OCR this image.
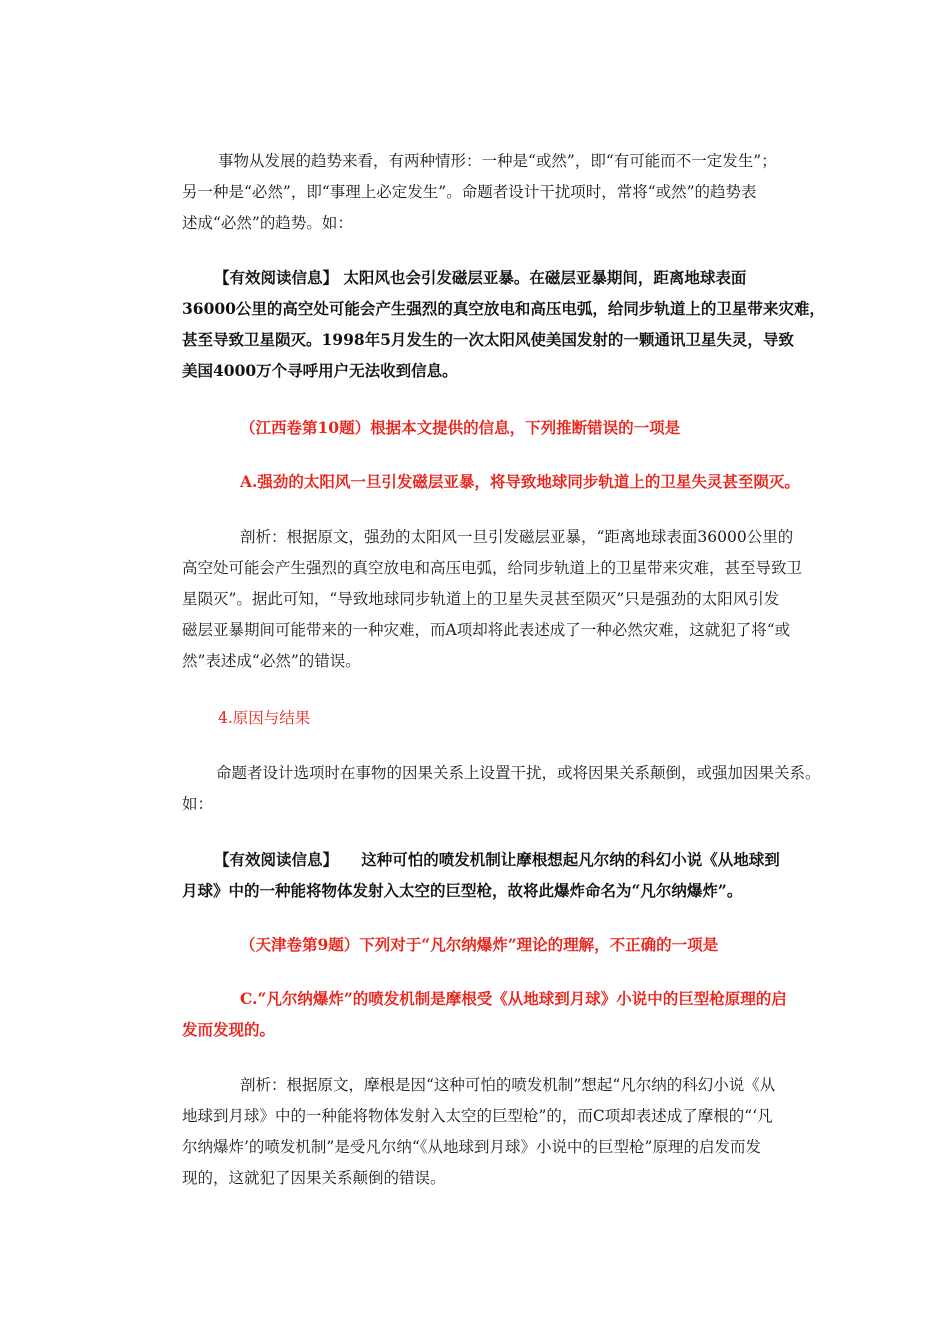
事物从发展的趋势来看，有两种情形：一种是“或然”，即“有可能而不一定发生”；
另一种是“必然”，即“事理上必定发生”。命题者设计干扰项时，常将“或然”的趋势表
述成“必然”的趋势。如：
【有效阅读信息】 太阳风也会引发磁层亚暴。在磁层亚暴期间，距离地球表面
36000公里的高空处可能会产生强烈的真空放电和高压电弧，给同步轨道上的卫星带来灾难，
甚至导致卫星陨灭。1998年5月发生的一次太阳风使美国发射的一颗通讯卫星失灵，导致
美国4000万个寻呼用户无法收到信息。
（江西卷第10题）根据本文提供的信息，下列推断错误的一项是
A.强劲的太阳风一旦引发磁层亚暴，将导致地球同步轨道上的卫星失灵甚至陨灭。
剖析：根据原文，强劲的太阳风一旦引发磁层亚暴，“距离地球表面36000公里的
高空处可能会产生强烈的真空放电和高压电弧，给同步轨道上的卫星带来灾难，甚至导致卫
星陨灭”。据此可知，“导致地球同步轨道上的卫星失灵甚至陨灭”只是强劲的太阳风引发
磁层亚暴期间可能带来的一种灾难，而A项却将此表述成了一种必然灾难，这就犯了将“或
然”表述成“必然”的错误。
4.原因与结果
命题者设计选项时在事物的因果关系上设置干扰，或将因果关系颠倒，或强加因果关系。
如：
【有效阅读信息】　　这种可怕的喷发机制让摩根想起凡尔纳的科幻小说《从地球到
月球》中的一种能将物体发射入太空的巨型枪，故将此爆炸命名为“凡尔纳爆炸”。
（天津卷第9题）下列对于“凡尔纳爆炸”理论的理解，不正确的一项是
C.“凡尔纳爆炸”的喷发机制是摩根受《从地球到月球》小说中的巨型枪原理的启
发而发现的。
剖析：根据原文，摩根是因“这种可怕的喷发机制”想起“凡尔纳的科幻小说《从
地球到月球》中的一种能将物体发射入太空的巨型枪”的，而C项却表述成了摩根的“‘凡
尔纳爆炸’的喷发机制”是受凡尔纳“《从地球到月球》小说中的巨型枪”原理的启发而发
现的，这就犯了因果关系颠倒的错误。
